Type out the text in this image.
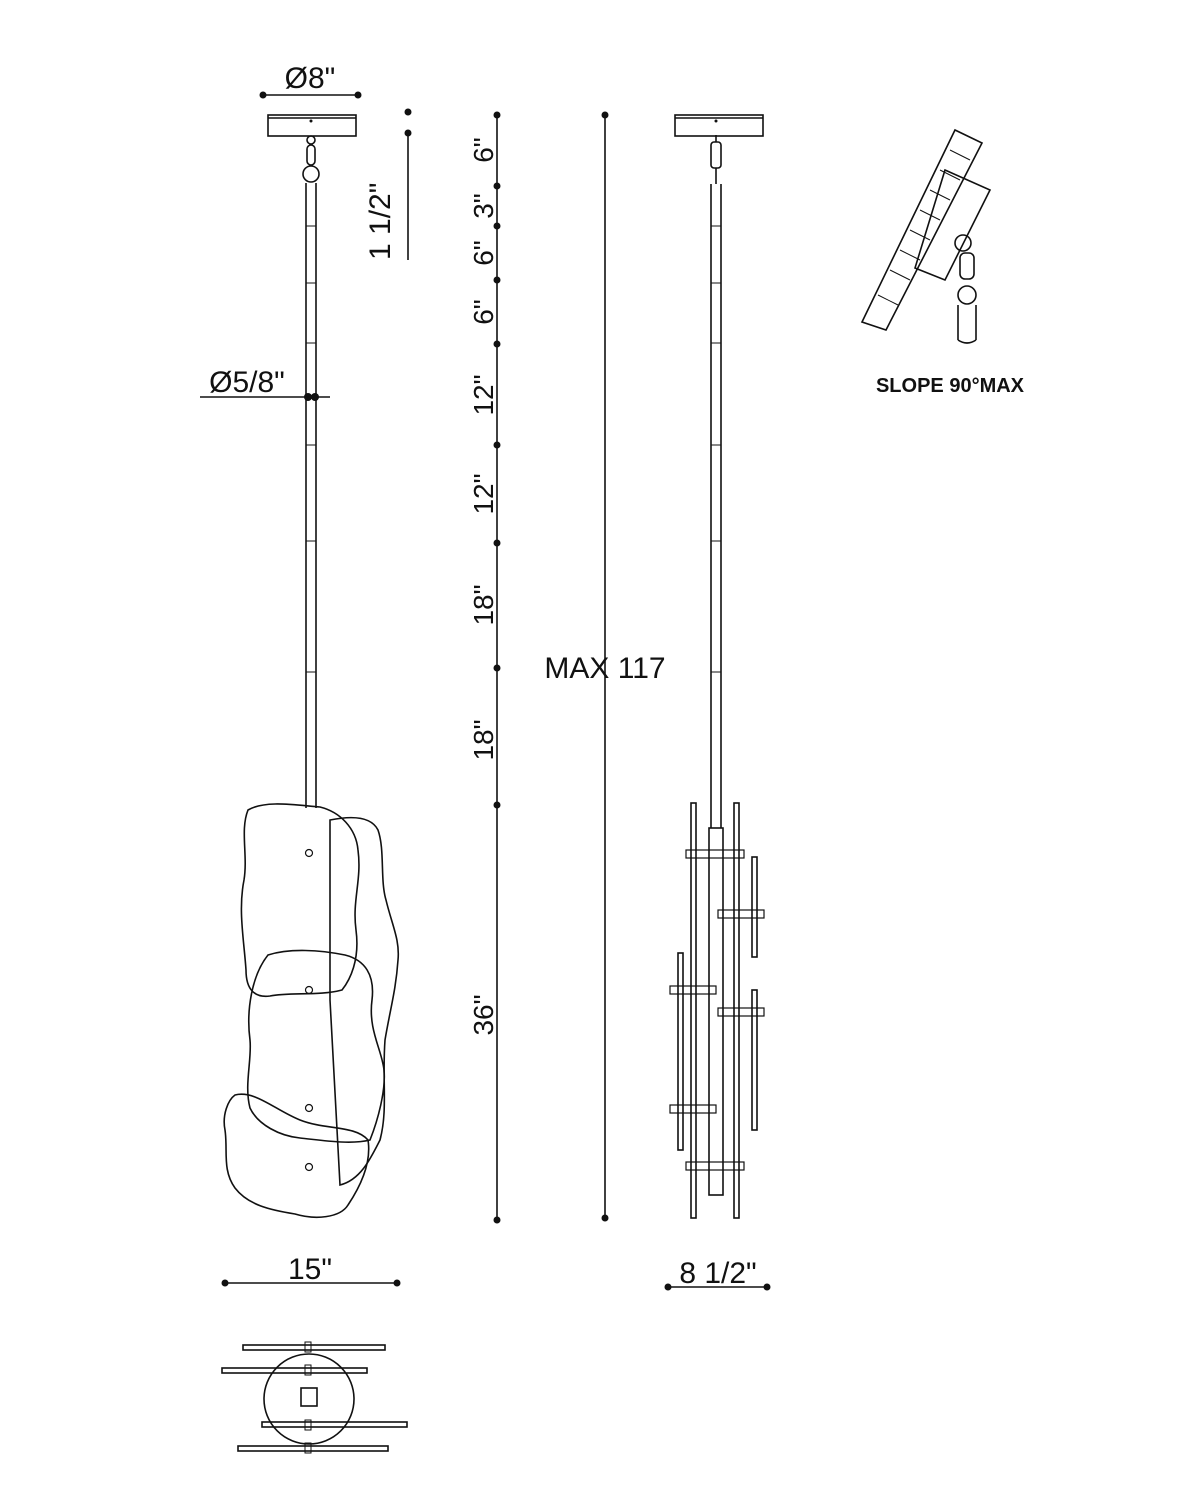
Ø8"
1 1/2"
Ø5/8"
15"	8 1/2"
MAX 117
SLOPE 90°MAX
6"
3"
6"
6"
12"
12"
18"
18"
36"
